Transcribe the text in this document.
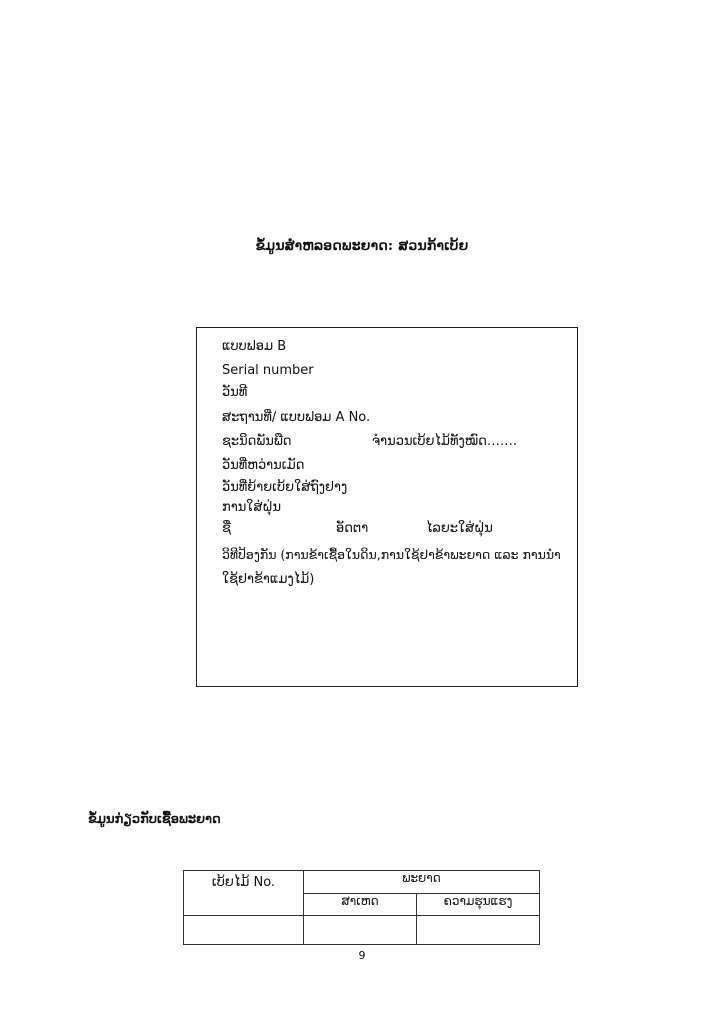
ຂໍ້ມູນສຳຫລອດພະຍາດ: ສວນກ້າເບ້ຍ
ແບບຟອມ B
Serial number
ວັນທີ
ສະຖານທີ່/ ແບບຟອມ A No.
ຊະນິດພັນພືດ	ຈຳນວນເບ້ຍໄມ້ທັງໝົດ…….
ວັນທີ່ຫວ່ານເມັດ
ວັນທີ່ຍ້າຍເບ້ຍໃສ່ຖົງຢາງ
ການໃສ່ຝຸ່ນ
ຊື່	ອັດຕາ	ໄລຍະໃສ່ຝຸ່ນ
ວິທີປ້ອງກັນ (ການຂ້າເຊື້ອໃນດິນ,ການໃຊ້ຢາຂ້າພະຍາດ ແລະ ການນຳ
ໃຊ້ຢາຂ້າແມງໄມ້)
ຂໍ້ມູນກ່ຽວກັບເຊື້ອພະຍາດ
ເບ້ຍໄມ້ No.	ພະຍາດ	
	ສາເຫດ	ຄວາມຮຸນແຮງ

9
